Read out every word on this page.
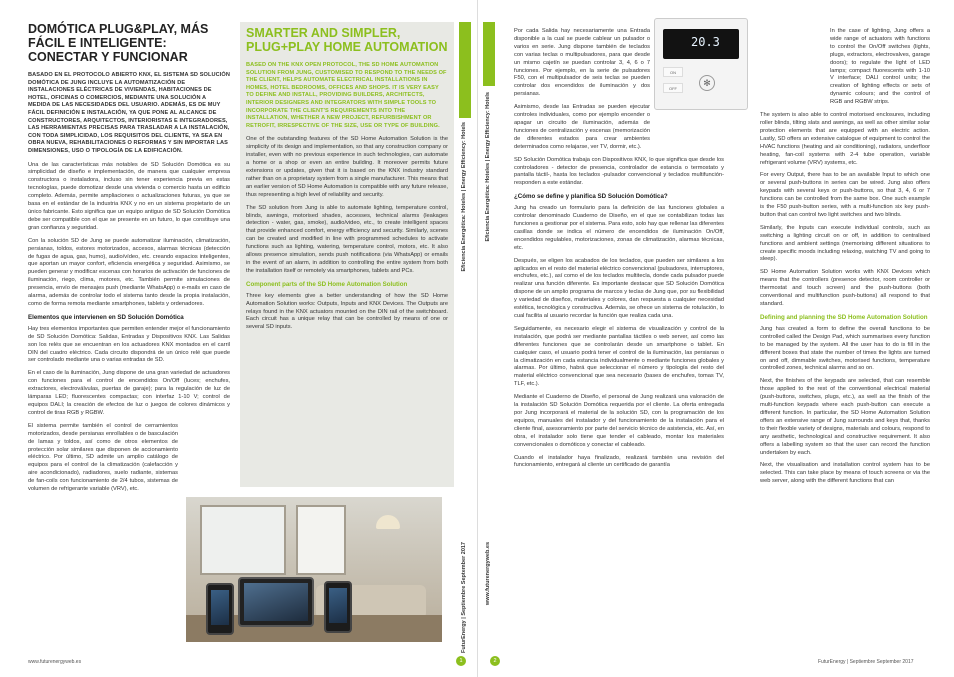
DOMÓTICA PLUG&PLAY, MÁS FÁCIL E INTELIGENTE: CONECTAR Y FUNCIONAR
BASADO EN EL PROTOCOLO ABIERTO KNX, EL SISTEMA SD SOLUCIÓN DOMÓTICA DE JUNG INCLUYE LA AUTOMATIZACIÓN DE INSTALACIONES ELÉCTRICAS DE VIVIENDAS, HABITACIONES DE HOTEL, OFICINAS O COMERCIOS, MEDIANTE UNA SOLUCIÓN A MEDIDA DE LAS NECESIDADES DEL USUARIO. ADEMÁS, ES DE MUY FÁCIL DEFINICIÓN E INSTALACIÓN, YA QUE PONE AL ALCANCE DE CONSTRUCTORES, ARQUITECTOS, INTERIORISTAS E INTEGRADORES, LAS HERRAMIENTAS PRECISAS PARA TRASLADAR A LA INSTALACIÓN, CON TODA SIMPLICIDAD, LOS REQUISITOS DEL CLIENTE, YA SEA EN OBRA NUEVA, REHABILITACIONES O REFORMAS Y SIN IMPORTAR LAS DIMENSIONES, USO O TIPOLOGÍA DE LA EDIFICACIÓN.
Una de las características más notables de SD Solución Domótica es su simplicidad de diseño e implementación, de manera que cualquier empresa constructora o instaladora, incluso sin tener experiencia previa en estas tecnologías, puede domotizar desde una vivienda o comercio hasta un edificio completo. Además, permite ampliaciones o actualizaciones futuras, ya que se basa en el estándar de la industria KNX y no en un sistema propietario de un único fabricante. Esto significa que un equipo antiguo de SD Solución Domótica debe ser compatible con el que se presente en un futuro, lo que constituye una gran confianza y seguridad.
Con la solución SD de Jung se puede automatizar iluminación, climatización, persianas, toldos, estores motorizados, accesos, alarmas técnicas (detección de fugas de agua, gas, humo), audio/vídeo, etc. creando espacios inteligentes, que aportan un mayor confort, eficiencia energética y seguridad. Asimismo, se pueden generar y modificar escenas con horarios de activación de funciones de iluminación, riego, clima, motores, etc. También permite simulaciones de presencia, envío de mensajes push (mediante WhatsApp) o e-mails en caso de alarma, además de controlar todo el sistema tanto desde la propia instalación, como de forma remota mediante smartphones, tablets y ordenadores.
Elementos que intervienen en SD Solución Domótica
Hay tres elementos importantes que permiten entender mejor el funcionamiento de SD Solución Domótica: Salidas, Entradas y Dispositivos KNX. Las Salidas son los relés que se encuentran en los actuadores KNX montados en el carril DIN del cuadro eléctrico. Cada circuito dispondrá de un único relé que puede ser controlado mediante una o varias entradas de SD.
En el caso de la iluminación, Jung dispone de una gran variedad de actuadores con funciones para el control de encendidos On/Off (luces; enchufes, extractores, electroválvulas, puertas de garaje); para la regulación de luz de lámparas LED; fluorescentes compactas; con interfaz 1-10 V; control de equipos DALI; la creación de efectos de luz o juegos de colores dinámicos y control de tiras RGB y RGBW.
El sistema permite también el control de cerramientos motorizados, desde persianas enrollables o de basculación de lamas y toldos, así como de otros elementos de protección solar similares que disponen de accionamiento eléctrico. Por último, SD admite un amplio catálogo de equipos para el control de la climatización (calefacción y aire acondicionado), radiadores, suelo radiante, sistemas de fan-coils con funcionamiento de 2/4 tubos, sistemas de volumen de refrigerante variable (VRV), etc.
SMARTER AND SIMPLER, PLUG+PLAY HOME AUTOMATION
BASED ON THE KNX OPEN PROTOCOL, THE SD HOME AUTOMATION SOLUTION FROM JUNG, CUSTOMISED TO RESPOND TO THE NEEDS OF THE CLIENT, HELPS AUTOMATE ELECTRICAL INSTALLATIONS IN HOMES, HOTEL BEDROOMS, OFFICES AND SHOPS. IT IS VERY EASY TO DEFINE AND INSTALL, PROVIDING BUILDERS, ARCHITECTS, INTERIOR DESIGNERS AND INTEGRATORS WITH SIMPLE TOOLS TO INCORPORATE THE CLIENT'S REQUIREMENTS INTO THE INSTALLATION, WHETHER A NEW PROJECT, REFURBISHMENT OR RETROFIT, IRRESPECTIVE OF THE SIZE, USE OR TYPE OF BUILDING.
One of the outstanding features of the SD Home Automation Solution is the simplicity of its design and implementation, so that any construction company or installer, even with no previous experience in such technologies, can automate a home or a shop or even an entire building. It moreover permits future extensions or updates, given that it is based on the KNX industry standard rather than on a proprietary system from a single manufacturer. This means that an earlier version of SD Home Automation is compatible with any future release, thus representing a high level of reliability and security.
The SD solution from Jung is able to automate lighting, temperature control, blinds, awnings, motorised shades, accesses, technical alarms (leakages detection - water, gas, smoke), audio/video, etc., to create intelligent spaces that provide enhanced comfort, energy efficiency and security. Similarly, scenes can be created and modified in line with programmed schedules to activate functions such as lighting, watering, temperature control, motors, etc. It also allows presence simulation, sends push notifications (via WhatsApp) or emails in the event of an alarm, in addition to controlling the entire system from both the installation itself or remotely via smartphones, tablets and PCs.
Component parts of the SD Home Automation Solution
Three key elements give a better understanding of how the SD Home Automation Solution works: Outputs, Inputs and KNX Devices. The Outputs are relays found in the KNX actuators mounted on the DIN rail of the switchboard. Each circuit has a unique relay that can be controlled by means of one or several SD inputs.
Eficiencia Energética: Hoteles | Energy Efficiency: Hotels
FuturEnergy | Septiembre September 2017
www.futurenergyweb.es	1
Eficiencia Energética: Hoteles | Energy Efficiency: Hotels
www.futurenergyweb.es
Por cada Salida hay necesariamente una Entrada disponible a la cual se puede cablear un pulsador o varios en serie. Jung dispone también de teclados con varias teclas o multipulsadores, para que desde un mismo cajetín se puedan controlar 3, 4, 6 o 7 funciones. Por ejemplo, en la serie de pulsadores F50, con el multipulsador de seis teclas se pueden controlar dos encendidos de iluminación y dos persianas.
Asimismo, desde las Entradas se pueden ejecutar controles individuales, como por ejemplo encender o apagar un circuito de iluminación, además de funciones de centralización y escenas (memorización de diferentes estados para crear ambientes determinados como relajarse, ver TV, dormir, etc.).
SD Solución Domótica trabaja con Dispositivos KNX, lo que significa que desde los controladores - detector de presencia, controlador de estancia o termostato y pantalla táctil-, hasta los teclados -pulsador convencional y teclados multifunción- responden a este estándar.
¿Cómo se define y planifica SD Solución Domótica?
Jung ha creado un formulario para la definición de las funciones globales a controlar denominado Cuaderno de Diseño, en el que se contabilizan todas las funciones a gestionar por el sistema. Para esto, solo hay que rellenar las diferentes casillas donde se indica el número de encendidos de iluminación On/Off, encendidos regulables, motorizaciones, zonas de climatización, alarmas técnicas, etc.
Después, se eligen los acabados de los teclados, que pueden ser similares a los aplicados en el resto del material eléctrico convencional (pulsadores, interruptores, enchufes, etc.), así como el de los teclados multitecla, donde cada pulsador puede realizar una función diferente. Es importante destacar que SD Solución Domótica dispone de un amplio programa de marcos y teclas de Jung que, por su flexibilidad y variedad de diseños, materiales y colores, dan respuesta a cualquier necesidad estética, tecnológica y constructiva. Además, se ofrece un sistema de rotulación, lo cual facilita al usuario recordar la función que realiza cada una.
Seguidamente, es necesario elegir el sistema de visualización y control de la instalación, que podrá ser mediante pantallas táctiles o web server, así como las diferentes funciones que se controlarán desde un smartphone o tablet. En cualquier caso, el usuario podrá tener el control de la iluminación, las persianas o la climatización en cada estancia individualmente o mediante funciones globales y alarmas. Por último, habrá que seleccionar el número y tipología del resto del material eléctrico convencional que sea necesario (bases de enchufes, tomas TV, TLF, etc.).
Mediante el Cuaderno de Diseño, el personal de Jung realizará una valoración de la instalación SD Solución Domótica requerida por el cliente. La oferta entregada por Jung incorporará el material de la solución SD, con la programación de los equipos, manuales del instalador y del funcionamiento de la instalación para el cliente final, asesoramiento por parte del servicio técnico de asistencia, etc. Así, en obra, el instalador solo tiene que tender el cableado, montar los materiales convencionales o domóticos y conectar el cableado.
Cuando el instalador haya finalizado, realizará también una revisión del funcionamiento, entregará al cliente un certificado de garantía
20.3
ON
OFF
✻
In the case of lighting, Jung offers a wide range of actuators with functions to control the On/Off switches (lights, plugs, extractors, electrovalves, garage doors); to regulate the light of LED lamps; compact fluorescents with 1-10 V interface; DALI control units; the creation of lighting effects or sets of dynamic colours; and the control of RGB and RGBW strips.
The system is also able to control motorised enclosures, including roller blinds, tilting slats and awnings, as well as other similar solar protection elements that are equipped with an electric action. Lastly, SD offers an extensive catalogue of equipment to control the HVAC functions (heating and air conditioning), radiators, underfloor heating, fan-coil systems with 2-4 tube operation, variable refrigerant volume (VRV) systems, etc.
For every Output, there has to be an available Input to which one or several push-buttons in series can be wired. Jung also offers keypads with several keys or push-buttons, so that 3, 4, 6 or 7 functions can be controlled from the same box. One such example is the F50 push-button series, with a multi-function six key push-button that can control two light switches and two blinds.
Similarly, the Inputs can execute individual controls, such as switching a lighting circuit on or off, in addition to centralised functions and ambient settings (memorising different situations to create specific moods including relaxing, watching TV and going to sleep).
SD Home Automation Solution works with KNX Devices which means that the controllers (presence detector, room controller or thermostat and touch screen) and the push-buttons (both conventional and multifunction push-buttons) all respond to that standard.
Defining and planning the SD Home Automation Solution
Jung has created a form to define the overall functions to be controlled called the Design Pad, which summarises every function to be managed by the system. All the user has to do is fill in the different boxes that state the number of times the lights are turned on and off, dimmable switches, motorised functions, temperature controlled zones, technical alarms and so on.
Next, the finishes of the keypads are selected, that can resemble those applied to the rest of the conventional electrical material (push-buttons, switches, plugs, etc.), as well as the finish of the multi-function keypads where each push-button can execute a different function. In particular, the SD Home Automation Solution offers an extensive range of Jung surrounds and keys that, thanks to their flexible variety of designs, materials and colours, respond to any aesthetic, technological and constructive requirement. It also offers a labelling system so that the user can record the function undertaken by each.
Next, the visualisation and installation control system has to be selected. This can take place by means of touch screens or via the web server, along with the different functions that can
2	FuturEnergy | Septiembre September 2017
